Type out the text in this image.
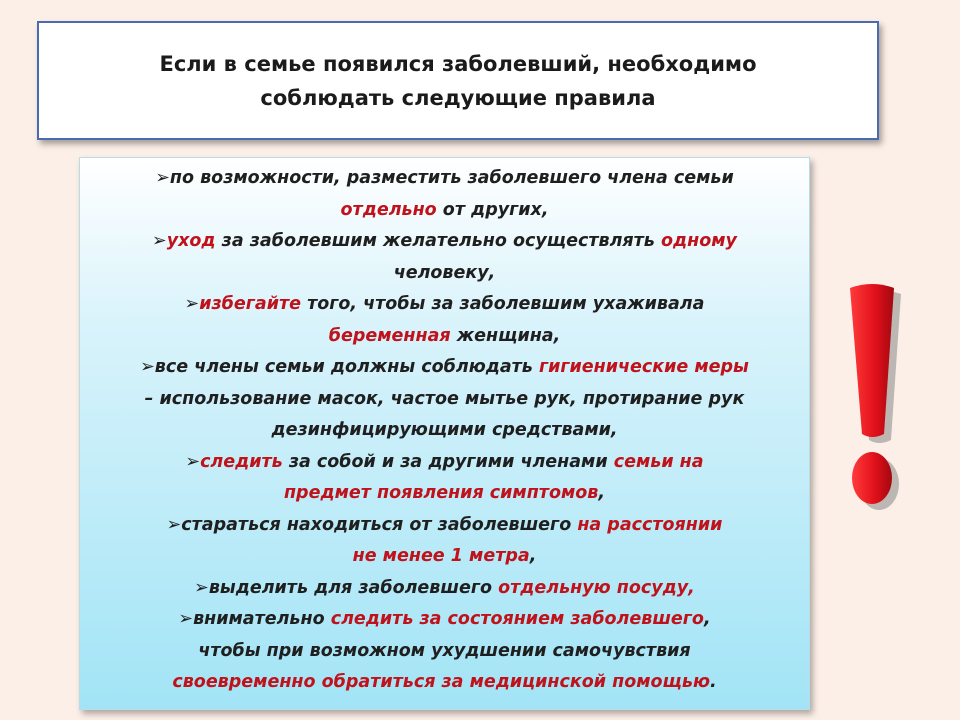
Если в семье появился заболевший, необходимо
соблюдать следующие правила

➢по возможности, разместить заболевшего члена семьи
отдельно от других,

➢уход за заболевшим желательно осуществлять одному
человеку,

➢избегайте того, чтобы за заболевшим ухаживала
беременная женщина,

➢все члены семьи должны соблюдать гигиенические меры
– использование масок, частое мытье рук, протирание рук
дезинфицирующими средствами,

➢следить за собой и за другими членами семьи на
предмет появления симптомов,

➢стараться находиться от заболевшего на расстоянии
не менее 1 метра,

➢выделить для заболевшего отдельную посуду,

➢внимательно следить за состоянием заболевшего,
чтобы при возможном ухудшении самочувствия
своевременно обратиться за медицинской помощью.
